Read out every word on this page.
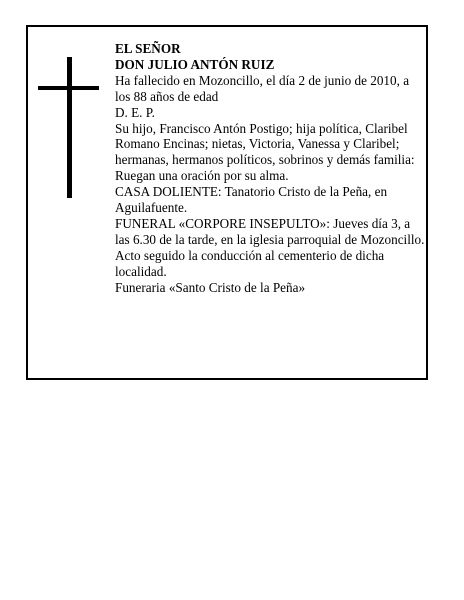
EL SEÑOR

DON JULIO ANTÓN RUIZ

Ha fallecido en Mozoncillo, el día 2 de junio de 2010, a los 88 años de edad

D. E. P.

Su hijo, Francisco Antón Postigo; hija política, Claribel Romano Encinas; nietas, Victoria, Vanessa y Claribel; hermanas, hermanos políticos, sobrinos y demás familia:

Ruegan una oración por su alma.

CASA DOLIENTE: Tanatorio Cristo de la Peña, en Aguilafuente.

FUNERAL «CORPORE INSEPULTO»: Jueves día 3, a las 6.30 de la tarde, en la iglesia parroquial de Mozoncillo. Acto seguido la conducción al cementerio de dicha localidad.

Funeraria «Santo Cristo de la Peña»
